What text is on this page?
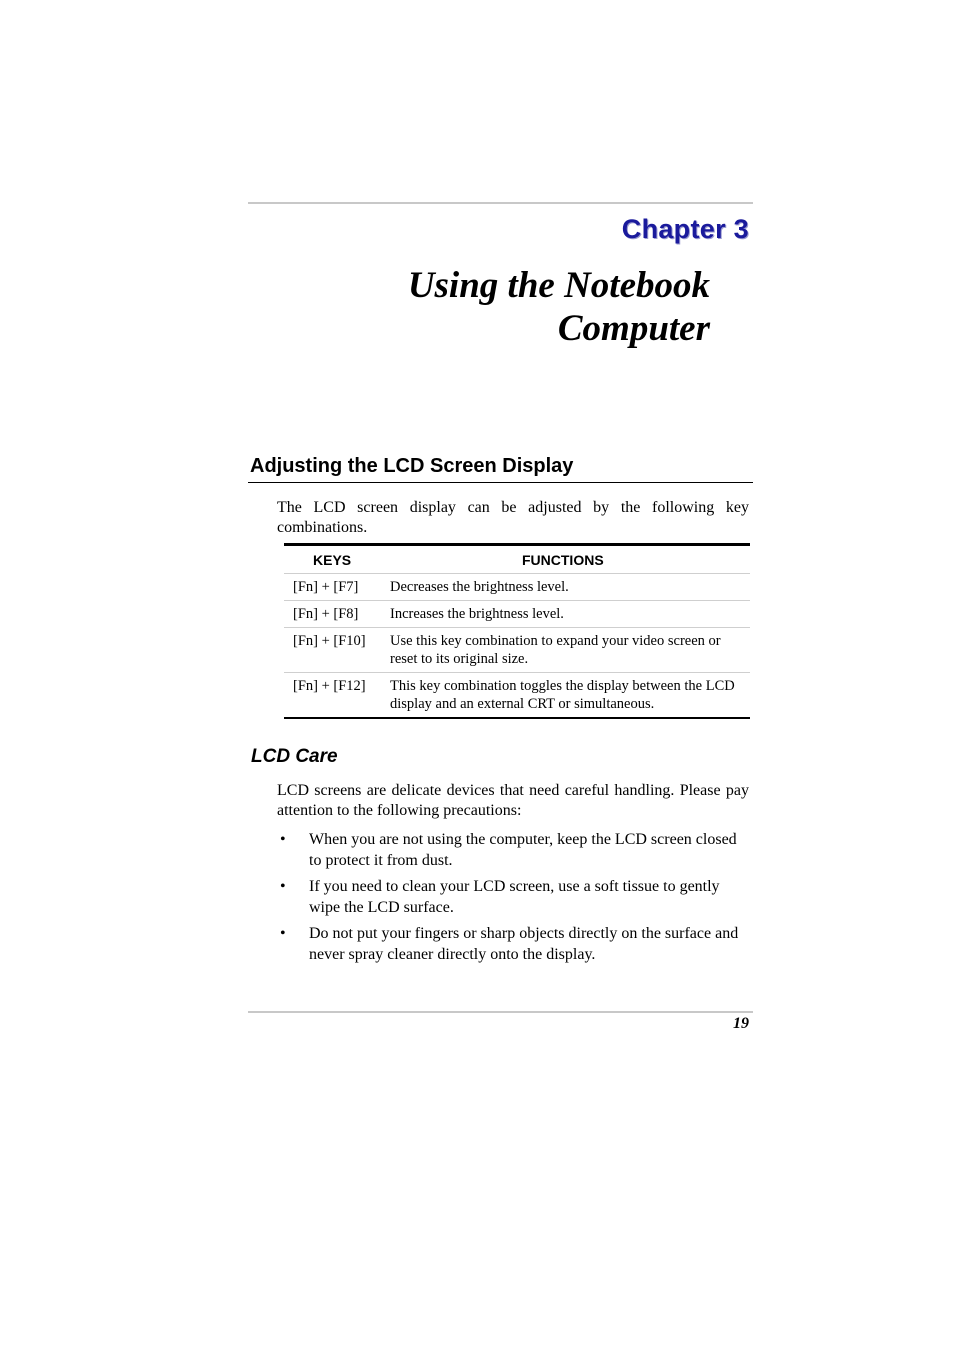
Chapter 3
Using the Notebook
Computer
Adjusting the LCD Screen Display
The LCD screen display can be adjusted by the following key combinations.
KEYS	FUNCTIONS
[Fn] + [F7]	Decreases the brightness level.
[Fn] + [F8]	Increases the brightness level.
[Fn] + [F10]	Use this key combination to expand your video screen or reset to its original size.
[Fn] + [F12]	This key combination toggles the display between the LCD display and an external CRT or simultaneous.
LCD Care
LCD screens are delicate devices that need careful handling. Please pay attention to the following precautions:
•	When you are not using the computer, keep the LCD screen closed to protect it from dust.
•	If you need to clean your LCD screen, use a soft tissue to gently wipe the LCD surface.
•	Do not put your fingers or sharp objects directly on the surface and never spray cleaner directly onto the display.
19
